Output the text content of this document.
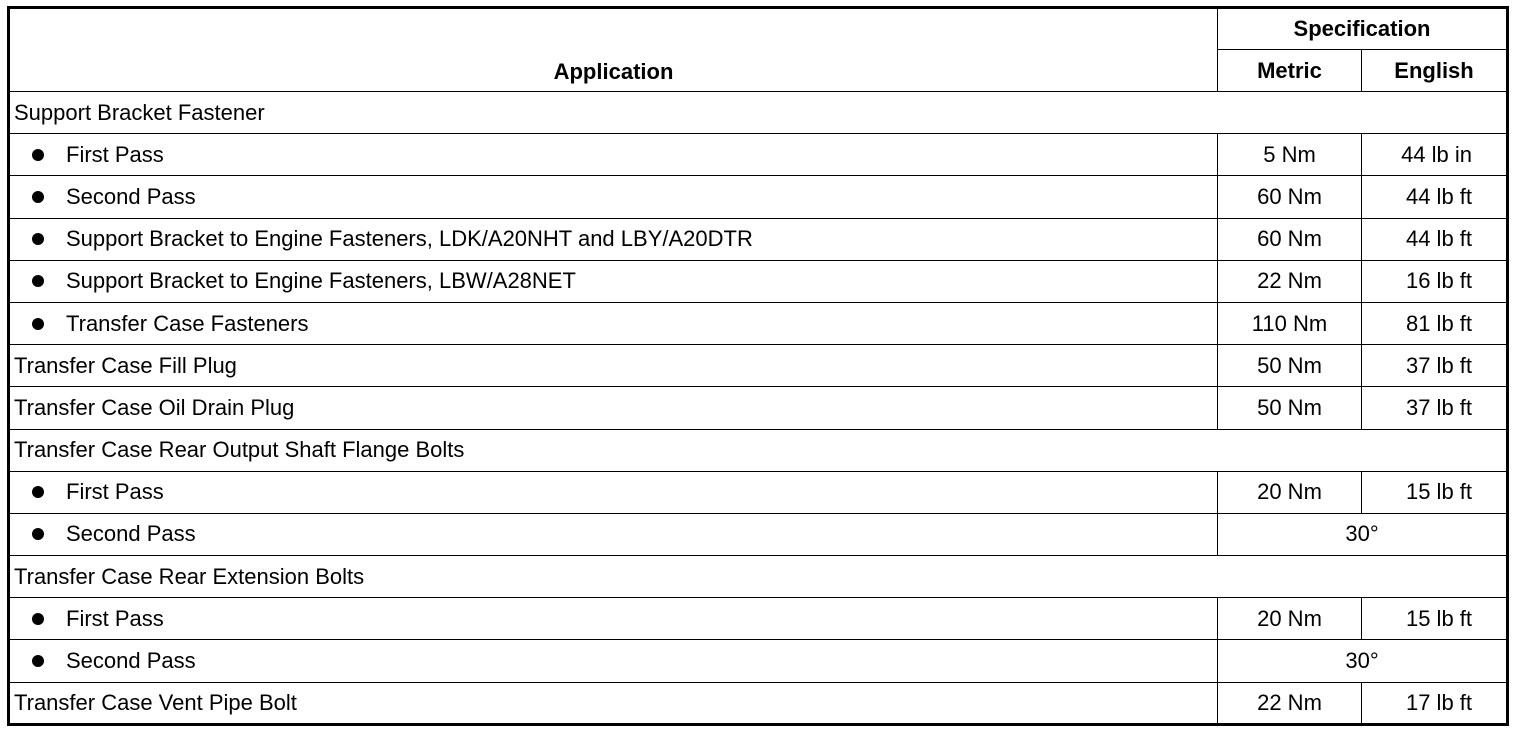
Application	Specification	
	Metric	English
Support Bracket Fastener		
First Pass	5 Nm	44 lb in
Second Pass	60 Nm	44 lb ft
Support Bracket to Engine Fasteners, LDK/A20NHT and LBY/A20DTR	60 Nm	44 lb ft
Support Bracket to Engine Fasteners, LBW/A28NET	22 Nm	16 lb ft
Transfer Case Fasteners	110 Nm	81 lb ft
Transfer Case Fill Plug	50 Nm	37 lb ft
Transfer Case Oil Drain Plug	50 Nm	37 lb ft
Transfer Case Rear Output Shaft Flange Bolts		
First Pass	20 Nm	15 lb ft
Second Pass	30°	
Transfer Case Rear Extension Bolts		
First Pass	20 Nm	15 lb ft
Second Pass	30°	
Transfer Case Vent Pipe Bolt	22 Nm	17 lb ft
